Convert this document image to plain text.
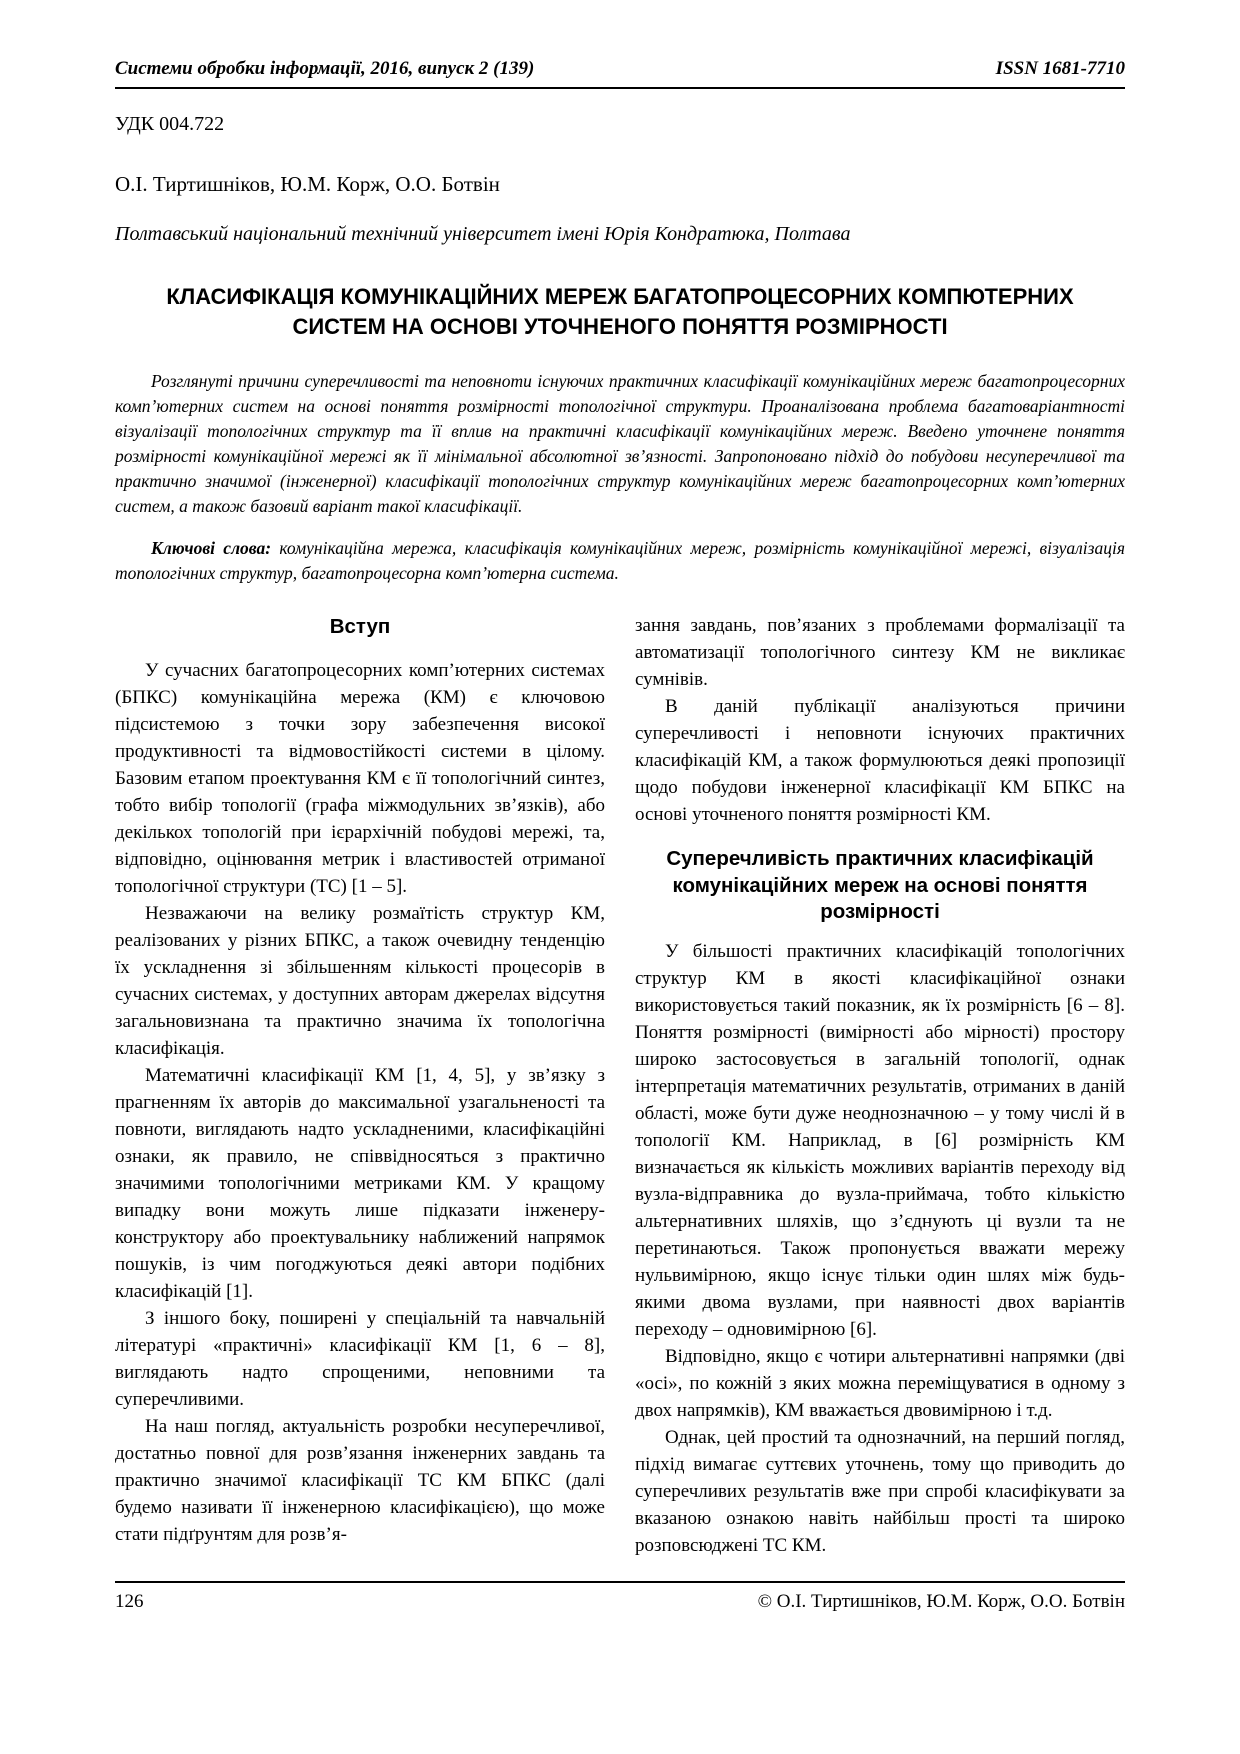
Системи обробки інформації, 2016, випуск 2 (139)	ISSN 1681-7710
УДК 004.722
О.І. Тиртишніков, Ю.М. Корж, О.О. Ботвін
Полтавський національний технічний університет імені Юрія Кондратюка, Полтава
КЛАСИФІКАЦІЯ КОМУНІКАЦІЙНИХ МЕРЕЖ БАГАТОПРОЦЕСОРНИХ КОМПЮТЕРНИХ СИСТЕМ НА ОСНОВІ УТОЧНЕНОГО ПОНЯТТЯ РОЗМІРНОСТІ

Розглянуті причини суперечливості та неповноти існуючих практичних класифікації комунікаційних мереж багатопроцесорних комп’ютерних систем на основі поняття розмірності топологічної структури. Проаналізована проблема багатоваріантності візуалізації топологічних структур та її вплив на практичні класифікації комунікаційних мереж. Введено уточнене поняття розмірності комунікаційної мережі як її мінімальної абсолютної зв’язності. Запропоновано підхід до побудови несуперечливої та практично значимої (інженерної) класифікації топологічних структур комунікаційних мереж багатопроцесорних комп’ютерних систем, а також базовий варіант такої класифікації.

Ключові слова: комунікаційна мережа, класифікація комунікаційних мереж, розмірність комунікаційної мережі, візуалізація топологічних структур, багатопроцесорна комп’ютерна система.

Вступ

У сучасних багатопроцесорних комп’ютерних системах (БПКС) комунікаційна мережа (КМ) є ключовою підсистемою з точки зору забезпечення високої продуктивності та відмовостійкості системи в цілому. Базовим етапом проектування КМ є її топологічний синтез, тобто вибір топології (графа міжмодульних зв’язків), або декількох топологій при ієрархічній побудові мережі, та, відповідно, оцінювання метрик і властивостей отриманої топологічної структури (ТС) [1 – 5].

Незважаючи на велику розмаїтість структур КМ, реалізованих у різних БПКС, а також очевидну тенденцію їх ускладнення зі збільшенням кількості процесорів в сучасних системах, у доступних авторам джерелах відсутня загальновизнана та практично значима їх топологічна класифікація.

Математичні класифікації КМ [1, 4, 5], у зв’язку з прагненням їх авторів до максимальної узагальненості та повноти, виглядають надто ускладненими, класифікаційні ознаки, як правило, не співвідносяться з практично значимими топологічними метриками КМ. У кращому випадку вони можуть лише підказати інженеру-конструктору або проектувальнику наближений напрямок пошуків, із чим погоджуються деякі автори подібних класифікацій [1].

З іншого боку, поширені у спеціальній та навчальній літературі «практичні» класифікації КМ [1, 6 – 8], виглядають надто спрощеними, неповними та суперечливими.

На наш погляд, актуальність розробки несуперечливої, достатньо повної для розв’язання інженерних завдань та практично значимої класифікації ТС КМ БПКС (далі будемо називати її інженерною класифікацією), що може стати підґрунтям для розв’я-

зання завдань, пов’язаних з проблемами формалізації та автоматизації топологічного синтезу КМ не викликає сумнівів.

В даній публікації аналізуються причини суперечливості і неповноти існуючих практичних класифікацій КМ, а також формулюються деякі пропозиції щодо побудови інженерної класифікації КМ БПКС на основі уточненого поняття розмірності КМ.

Суперечливість практичних класифікацій комунікаційних мереж на основі поняття розмірності

У більшості практичних класифікацій топологічних структур КМ в якості класифікаційної ознаки використовується такий показник, як їх розмірність [6 – 8]. Поняття розмірності (вимірності або мірності) простору широко застосовується в загальній топології, однак інтерпретація математичних результатів, отриманих в даній області, може бути дуже неоднозначною – у тому числі й в топології КМ. Наприклад, в [6] розмірність КМ визначається як кількість можливих варіантів переходу від вузла-відправника до вузла-приймача, тобто кількістю альтернативних шляхів, що з’єднують ці вузли та не перетинаються. Також пропонується вважати мережу нульвимірною, якщо існує тільки один шлях між будь-якими двома вузлами, при наявності двох варіантів переходу – одновимірною [6].

Відповідно, якщо є чотири альтернативні напрямки (дві «осі», по кожній з яких можна переміщуватися в одному з двох напрямків), КМ вважається двовимірною і т.д.

Однак, цей простий та однозначний, на перший погляд, підхід вимагає суттєвих уточнень, тому що приводить до суперечливих результатів вже при спробі класифікувати за вказаною ознакою навіть найбільш прості та широко розповсюджені ТС КМ.

126	© О.І. Тиртишніков, Ю.М. Корж, О.О. Ботвін
